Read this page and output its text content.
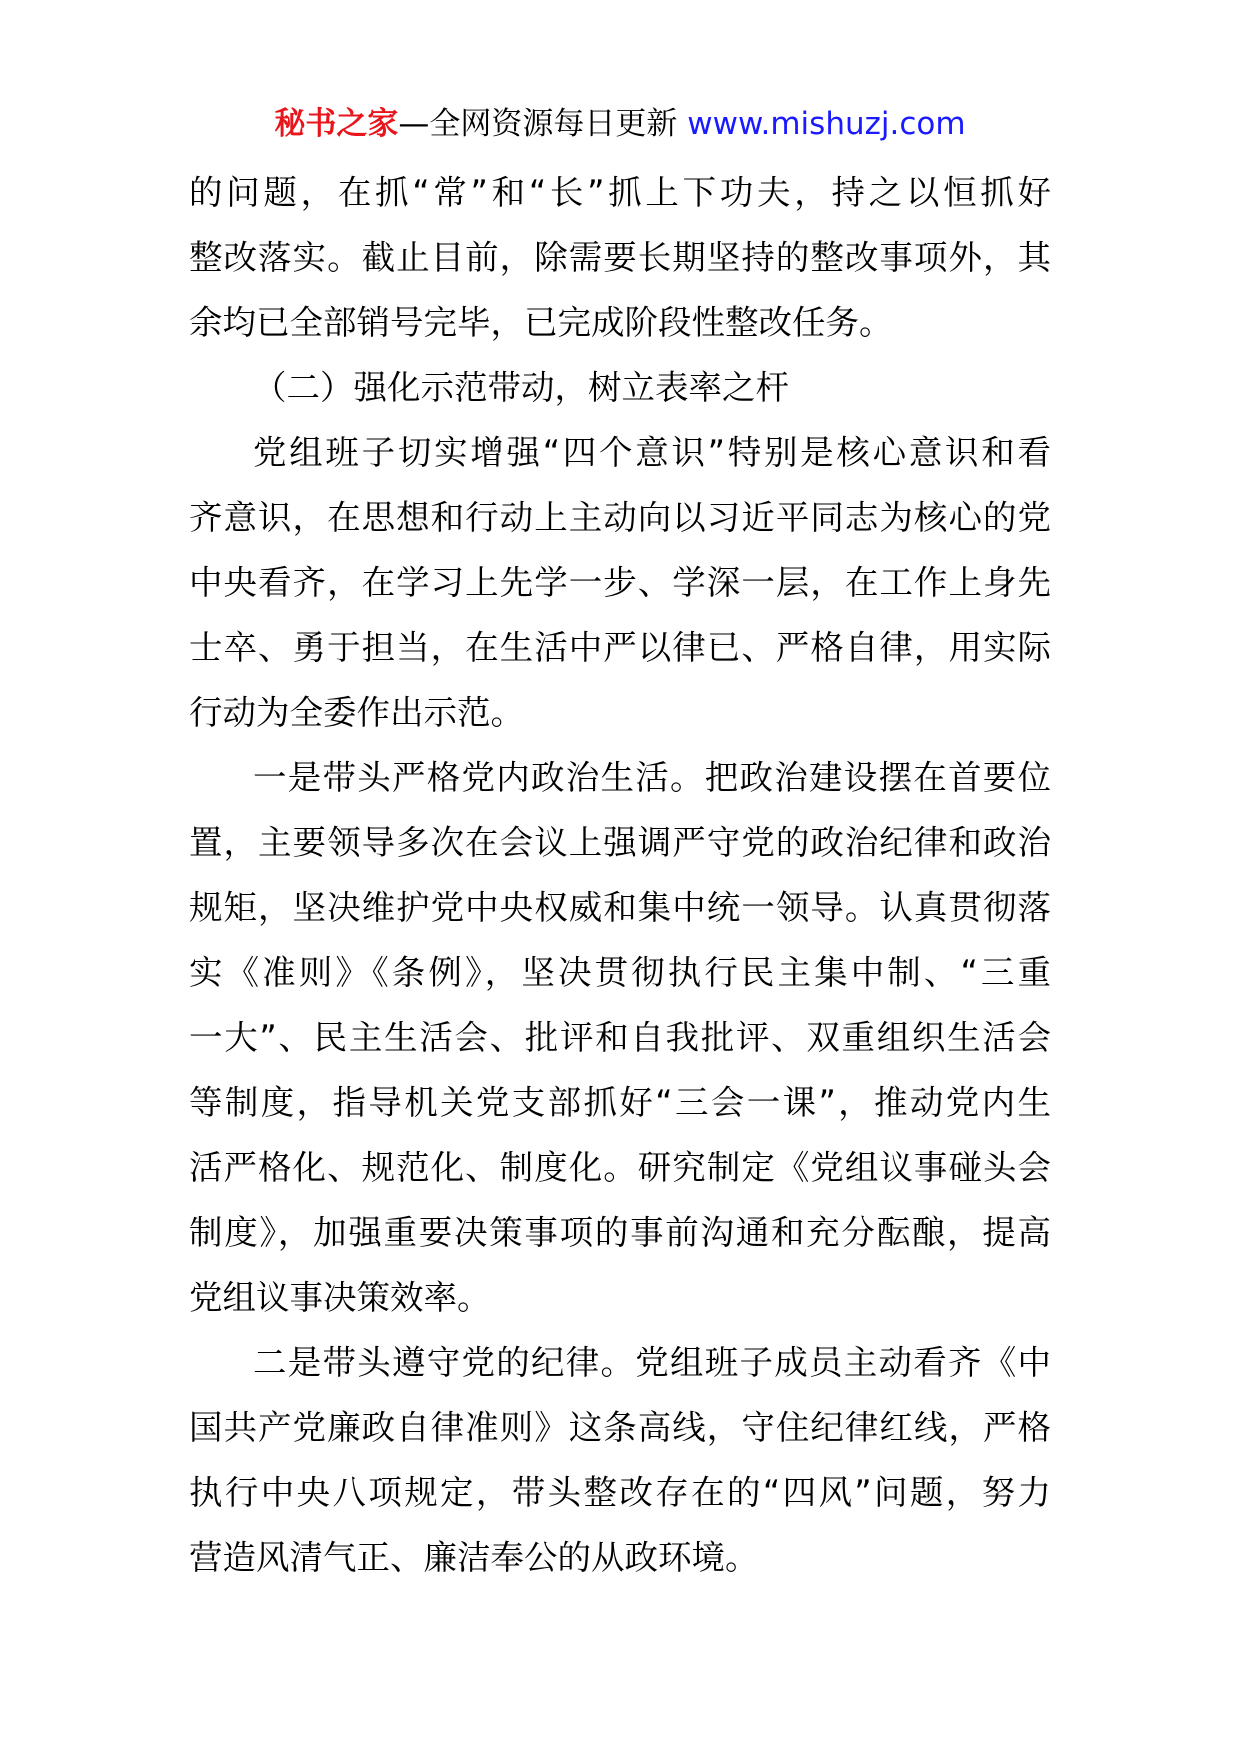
秘书之家—全网资源每日更新 www.mishuzj.com
的问题，在抓“常”和“长”抓上下功夫，持之以恒抓好
整改落实。截止目前，除需要长期坚持的整改事项外，其
余均已全部销号完毕，已完成阶段性整改任务。
（二）强化示范带动，树立表率之杆
党组班子切实增强“四个意识”特别是核心意识和看
齐意识，在思想和行动上主动向以习近平同志为核心的党
中央看齐，在学习上先学一步、学深一层，在工作上身先
士卒、勇于担当，在生活中严以律已、严格自律，用实际
行动为全委作出示范。
一是带头严格党内政治生活。把政治建设摆在首要位
置，主要领导多次在会议上强调严守党的政治纪律和政治
规矩，坚决维护党中央权威和集中统一领导。认真贯彻落
实《准则》《条例》，坚决贯彻执行民主集中制、“三重
一大”、民主生活会、批评和自我批评、双重组织生活会
等制度，指导机关党支部抓好“三会一课”，推动党内生
活严格化、规范化、制度化。研究制定《党组议事碰头会
制度》，加强重要决策事项的事前沟通和充分酝酿，提高
党组议事决策效率。
二是带头遵守党的纪律。党组班子成员主动看齐《中
国共产党廉政自律准则》这条高线，守住纪律红线，严格
执行中央八项规定，带头整改存在的“四风”问题，努力
营造风清气正、廉洁奉公的从政环境。
